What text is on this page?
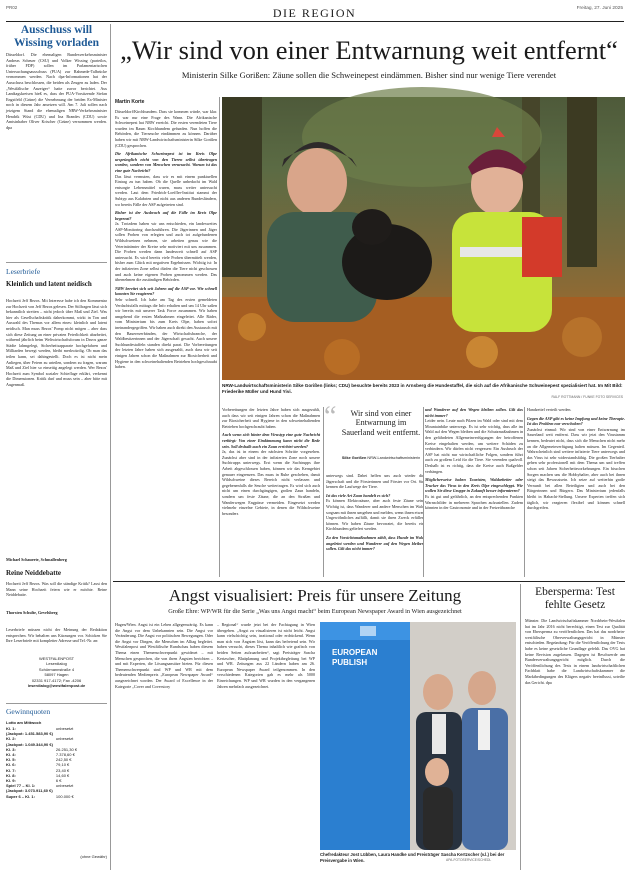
PR02	DIE REGION	Freitag, 27. Juni 2025
Ausschuss will Wissing vorladen
Düsseldorf. Die ehemaligen Bundesverkehrsminister Andreas Scheuer (CSU) und Volker Wissing (parteilos, früher FDP) sollen im Parlamentarischen Untersuchungsausschuss (PUA) zur Rahmede-Talbrücke vernommen werden. Nach dpa-Informationen hat der Ausschuss beschlossen, die beiden als Zeugen zu laden. Der „Westfälische Anzeiger“ hatte zuvor berichtet. Aus Landtagskreisen hieß es, dass der PUA-Vorsitzende Stefan Engstfeld (Grüne) die Vernehmung der beiden Ex-Minister noch in diesem Jahr ansetzen will. Am 7. Juli sollen nach jetzigem Stand die ehemaligen NRW-Verkehrsminister Hendrik Wüst (CDU) und Ina Brandes (CDU) sowie Amtsinhaber Oliver Krischer (Grüne) vernommen werden. dpa
Leserbriefe
Kleinlich und latent neidisch
Hochzeit Jeff Bezos. Mit Interesse habe ich den Kommentar zur Hochzeit von Jeff Bezos gelesen. Der Stilfragen lässt sich bekanntlich streiten – nicht jedoch über Maß und Ziel. Was hier als Gesellschaftskritik daherkommt, wirkt in Ton und Auswahl des Themas vor allem eines: kleinlich und latent neidisch. Man muss Bezos’ Pomp nicht mögen – aber dass sich diese Zeitung an einer privaten Feierlichkeit abarbeitet, während jährlich beim Weltwirtschaftsforum in Davos ganze Städte lahmgelegt, Sicherheitsapparate hochgefahren und Milliarden bewegt werden, bleibt merkwürdig. Ob man das teilen kann, sei dahingestellt. Doch es ist nicht mein Anliegen, über Feiern zu urteilen, sondern zu fragen, warum Maß und Ziel hier so einseitig angelegt werden. Wer Bezos' Hochzeit zum Symbol sozialer Schieflage erklärt, verkennt die Dimensionen. Kritik darf und muss sein – aber bitte mit Augenmaß.
Michael Schauerte, Schmallenberg
Reine Neiddebatte
Hochzeit Jeff Bezos. Was soll die ständige Kritik? Lasst den Mann seine Hochzeit feiern wie er möchte. Reine Neiddebatte.
Thorsten Schulte, Gevelsberg
Leserbriefe müssen nicht der Meinung der Redaktion entsprechen. Wir behalten uns Kürzungen vor. Schicken Sie Ihre Leserbriefe mit kompletter Adresse und Tel.-Nr. an:
WESTFALENPOST
Leserdialog
Schürmannstraße 4
58097 Hagen
02331 917-4172; Fax -4206
leserdialog@westfalenpost.de
Gewinnquoten
Lotto am Mittwoch
Kl. 1:	unbesetzt
(Jackpot: 1.451.583,90 €)	
Kl. 2:	unbesetzt
(Jackpot: 1.049.344,90 €)	
Kl. 3:	26.251,30 €
Kl. 4:	7.378,60 €
Kl. 5:	242,50 €
Kl. 6:	79,10 €
Kl. 7:	23,40 €
Kl. 8:	14,60 €
Kl. 9:	6 €
Spiel 77 – Kl. 1:	unbesetzt
(Jackpot: 3.073.911,60 €)	
Super 6 – Kl. 1:	100.000 €
(ohne Gewähr)
„Wir sind von einer Entwarnung weit entfernt“
Ministerin Silke Gorißen: Zäune sollen die Schweinepest eindämmen. Bisher sind nur wenige Tiere verendet
Martin Korte
Düsseldorf/Kirchhundem. Dass sie kommen würde, war klar. Es war nur eine Frage des Wann. Die Afrikanische Schweinepest hat NRW erreicht. Die ersten verendeten Tiere wurden im Raum Kirchhundem gefunden. Nun hoffen die Behörden, die Tierseuche eindämmen zu können. Darüber haben wir mit NRW-Landwirtschaftsministerin Silke Gorißen (CDU) gesprochen.
Die Afrikanische Schweinepest ist im Kreis Olpe ursprünglich nicht von den Tieren selbst übertragen worden, sondern von Menschen verursacht. Warum ist das eine gute Nachricht?
Das lässt vermuten, dass wir es mit einem punktuellen Eintrag zu tun haben. Ob die Quelle unbedacht im Wald entsorgte Lebensmittel waren, muss weiter untersucht werden. Laut dem Friedrich-Loeffler-Institut stammt der Subtyp aus Kalabrien und nicht aus anderen Bundesländern, wo bereits Fälle der ASP aufgetreten sind.
Bisher ist der Ausbruch auf die Fälle im Kreis Olpe begrenzt?
Ja. Trotzdem haben wir uns entschieden, ein landesweites ASP-Monitoring durchzuführen. Die Jägerinnen und Jäger sollen Proben von erlegten und auch tot aufgefundenen Wildschweinen nehmen, sie arbeiten genau wie die Veterinärämter der Kreise sehr motiviert mit uns zusammen. Die Proben werden dann landesweit schnell auf ASP untersucht. Es wird bereits viele Proben übermittelt werden, bisher zum Glück mit negativen Ergebnissen. Wichtig ist: In der infizierten Zone selbst dürfen die Tiere nicht geschossen und auch keine eigenen Proben genommen werden. Das übernehmen die zuständigen Behörden.
NRW bereitet sich seit Jahren auf die ASP vor. Wie schnell konnten Sie reagieren?
Sehr schnell. Ich habe am Tag des ersten gemeldeten Verdachtsfalls mittags die Info erhalten und um 14 Uhr saßen wir bereits mit unserer Task Force zusammen. Wir haben umgehend die ersten Maßnahmen eingeleitet. Alle Räder, vom Ministerium bis zum Kreis Olpe, haben sofort ineinandergegriffen. Wir haben auch direkt den Austausch mit den Bauernverbänden, der Wirtschaftsbranche, der Waldbesitzerinnen und der Jägerschaft gesucht. Auch unsere Suchhundestaffeln standen direkt parat. Die Vorbereitungen der letzten Jahre haben sich ausgezahlt, auch dass wir seit einigen Jahren schon die Maßnahmen zur Biosicherheit und Hygiene in den schweinehaltenden Betrieben hochgeschraubt haben.
NRW-Landwirtschaftsministerin Silke Gorißen (links; CDU) besuchte bereits 2023 in Arnsberg die Hundestaffel, die sich auf die Afrikanische Schweinepest spezialisiert hat. Im Mit Bild: Friederike Müller und Hund Yivi.
RALF ROTTMANN / FUNKE FOTO SERVICES
Vorbereitungen der letzten Jahre haben sich ausgezahlt, auch dass wir seit einigen Jahren schon die Maßnahmen zur Biosicherheit und Hygiene in den schweinehaltenden Betrieben hochgeschraubt haben.
Auch wenn sich hinter dem Virustyp eine gute Nachricht verbirgt: Von einer Eindämmung kann nicht die Rede sein. Soll deshalb auch ein Zaun errichtet werden?
Ja, das ist in einem der nächsten Schritte vorgesehen. Zunächst aber sind in der infizierten Zone noch unsere Suchtrupps unterwegs. Erst wenn die Suchtrupps ihre Arbeit abgeschlossen haben, können wir das Kerngebiet genauer eingrenzen. Das muss in Ruhe geschehen, damit Wildschweine dieses Bereich nicht verlassen und gegebenenfalls die Seuche weitertragen. Es wird sich auch nicht um einen durchgängigen, großen Zaun handeln, sondern um feste Zäune, die an den Straßen und Wanderwegen Engpässe vermeiden. Eingesetzt werden vielmehr einzelne Gebiete, in denen die Wildschweine besonders
“	Wir sind von einer Entwarnung im Sauerland weit entfernt.
Silke Gorißen NRW-Landwirtschaftsministerin
unterwegs sind. Dabei helfen uns auch wieder die Jägerschaft und die Försterinnen und Förster vor Ort. Sie kennen die Laufwege der Tiere.
Ist das viele Art Zaun handelt es sich?
Es können Elektrozäune, aber auch feste Zäune sein. Wichtig ist, dass Wanderer und andere Menschen im Wald sorgsam mit ihnen umgehen und melden, wenn ihnen etwas Ungewöhnliches auffällt, damit sie ihren Zweck erfüllen können. Wir haben Zäune bevorratet, die bereits ein Kirchhundem geliefert werden.
Zu den Vorsichtsmaßnahmen zählt, dass Hunde im Wald angeleint werden und Wanderer auf den Wegen bleiben sollen. Gilt das nicht immer?
und Wanderer auf den Wegen bleiben sollen. Gilt das nicht immer?
Leider nein. Leute nach Pilzen im Wald oder sind mit dem Mountainbike unterwegs. Es ist sehr wichtig, dass alle im Wald auf den Wegen bleiben und die Schutzmaßnahmen in den gefährdeten Allgemeinverfügungen der betroffenen Kreise eingehalten werden, um weitere Schäden zu verhindern. Wir dürfen nicht vergessen: Ein Ausbruch der ASP hat nicht nur wirtschaftliche Folgen, sondern führt auch zu großem Leid für die Tiere. Sie verenden qualvoll. Deshalb ist es richtig, dass die Kreise auch Bußgelder verhängen.
Möglicherweise haben Touristen, Waldarbeiter oder Trucker das Virus in den Kreis Olpe eingeschleppt. Wie wollen Sie diese Gruppe in Zukunft besser informieren?
Es ist gut und gefährlich, an den entsprechenden Punkten Warnschilder in mehreren Sprachen aufzustellen. Zudem könnten in der Gastronomie und in der Freizeitbranche
Handzettel verteilt werden.
Gegen die ASP gibt es keine Impfung und keine Therapie. Ist das Problem nur verschoben?
Zunächst einmal: Wir sind von einer Entwarnung im Sauerland weit entfernt. Dass wir jetzt den Virustamm kennen, bedeutet nicht, dass sich die Menschen nicht mehr an die Allgemeinverfügung halten müssen. Im Gegenteil. Wahrscheinlich sind weitere infizierte Tiere unterwegs und das Virus ist sehr widerstandsfähig. Die großen Tierhalter gehen sehr professionell mit dem Thema um und treffen schon seit Jahren Sicherheitsvorkehrungen. Ein bisschen Sorgen machen uns die Hobbyhalter, aber auch bei ihnen steigt das Bewusstsein. Ich setze auf weiterhin große Vernunft bei allen Beteiligten und auch bei den Bürgerinnen und Bürgern. Das Ministerium jedenfalls bleibt in Habacht-Stellung. Unsere Experten treffen sich täglich, wir reagieren flexibel und können schnell durchgreifen.
Angst visualisiert: Preis für unsere Zeitung
Große Ehre: WP/WR für die Serie „Was uns Angst macht“ beim European Newspaper Award in Wien ausgezeichnet
Hagen/Wien. Angst ist ein Leben allgegenwärtig. Es kann die Angst vor dem Unbekannten sein. Die Angst vor Veränderung. Die Angst vor politischen Bewegungen. Oder die Angst vor Dingen, die Menschen im Alltag begleitet. Westfalenpost und Westfälische Rundschau haben diesem Thema einen Themenschwerpunkt gewidmet – mit Menschen gesprochen, die von ihren Ängsten berichten – und mit Experten, die Lösungsansätze bieten. Für diesen Themenschwerpunkt sind WP und WR mit dem bedeutenden Medienpreis „European Newspaper Award“ ausgezeichnet worden. Der Award of Excellence in der Kategorie „Cover and Coverstory
– Regional“ wurde jetzt bei der Fachtagung in Wien übergeben. „Angst zu visualisieren ist nicht leicht. Angst kann vielschichtig sein, irrational oder erdrückend. Wenn man sich von Ängsten löst, kann das befreiend sein. Wir haben versucht, dieses Thema inhaltlich wie grafisch von beiden Seiten aufzuarbeiten“, sagt Preisträger Sascha Kertzscher, Blattplanung und Projektbegleitung bei WP und WR. Zeitungen aus 22 Ländern haben am 26. European Newspaper Award teilgenommen. In den verschiedenen Kategorien gab es mehr als 5000 Einreichungen. WP und WR wurden in den vergangenen Jahren mehrfach ausgezeichnet.
EUROPEAN
PUBLISH
Chefredakteur Jost Lübben, Laura Handke und Preisträger Sascha Kertzscher (v.l.) bei der Preisvergabe in Wien.	APA-FOTOSERVICE/SCHEDL
Ebersperma: Test fehlte Gesetz
Münster. Die Landwirtschaftskammer Nordrhein-Westfalen hat im Jahr 2016 nicht berechtigt, einen Test zur Qualität von Ebersperma zu veröffentlichen. Das hat das nordrhein-westfälische Oberverwaltungsgericht in Münster entschieden. Begründung: Für die Veröffentlichung der Tests habe es keine gesetzliche Grundlage gefehlt. Das OVG hat keine Revision zugelassen. Dagegen ist Beschwerde am Bundesverwaltungsgericht möglich. Durch die Veröffentlichung des Tests in einem landwirtschaftlichen Fachblatt habe die Landwirtschaftskammer die Marktbedingungen des Klägers negativ beeinflusst, urteilte das Gericht. dpa
